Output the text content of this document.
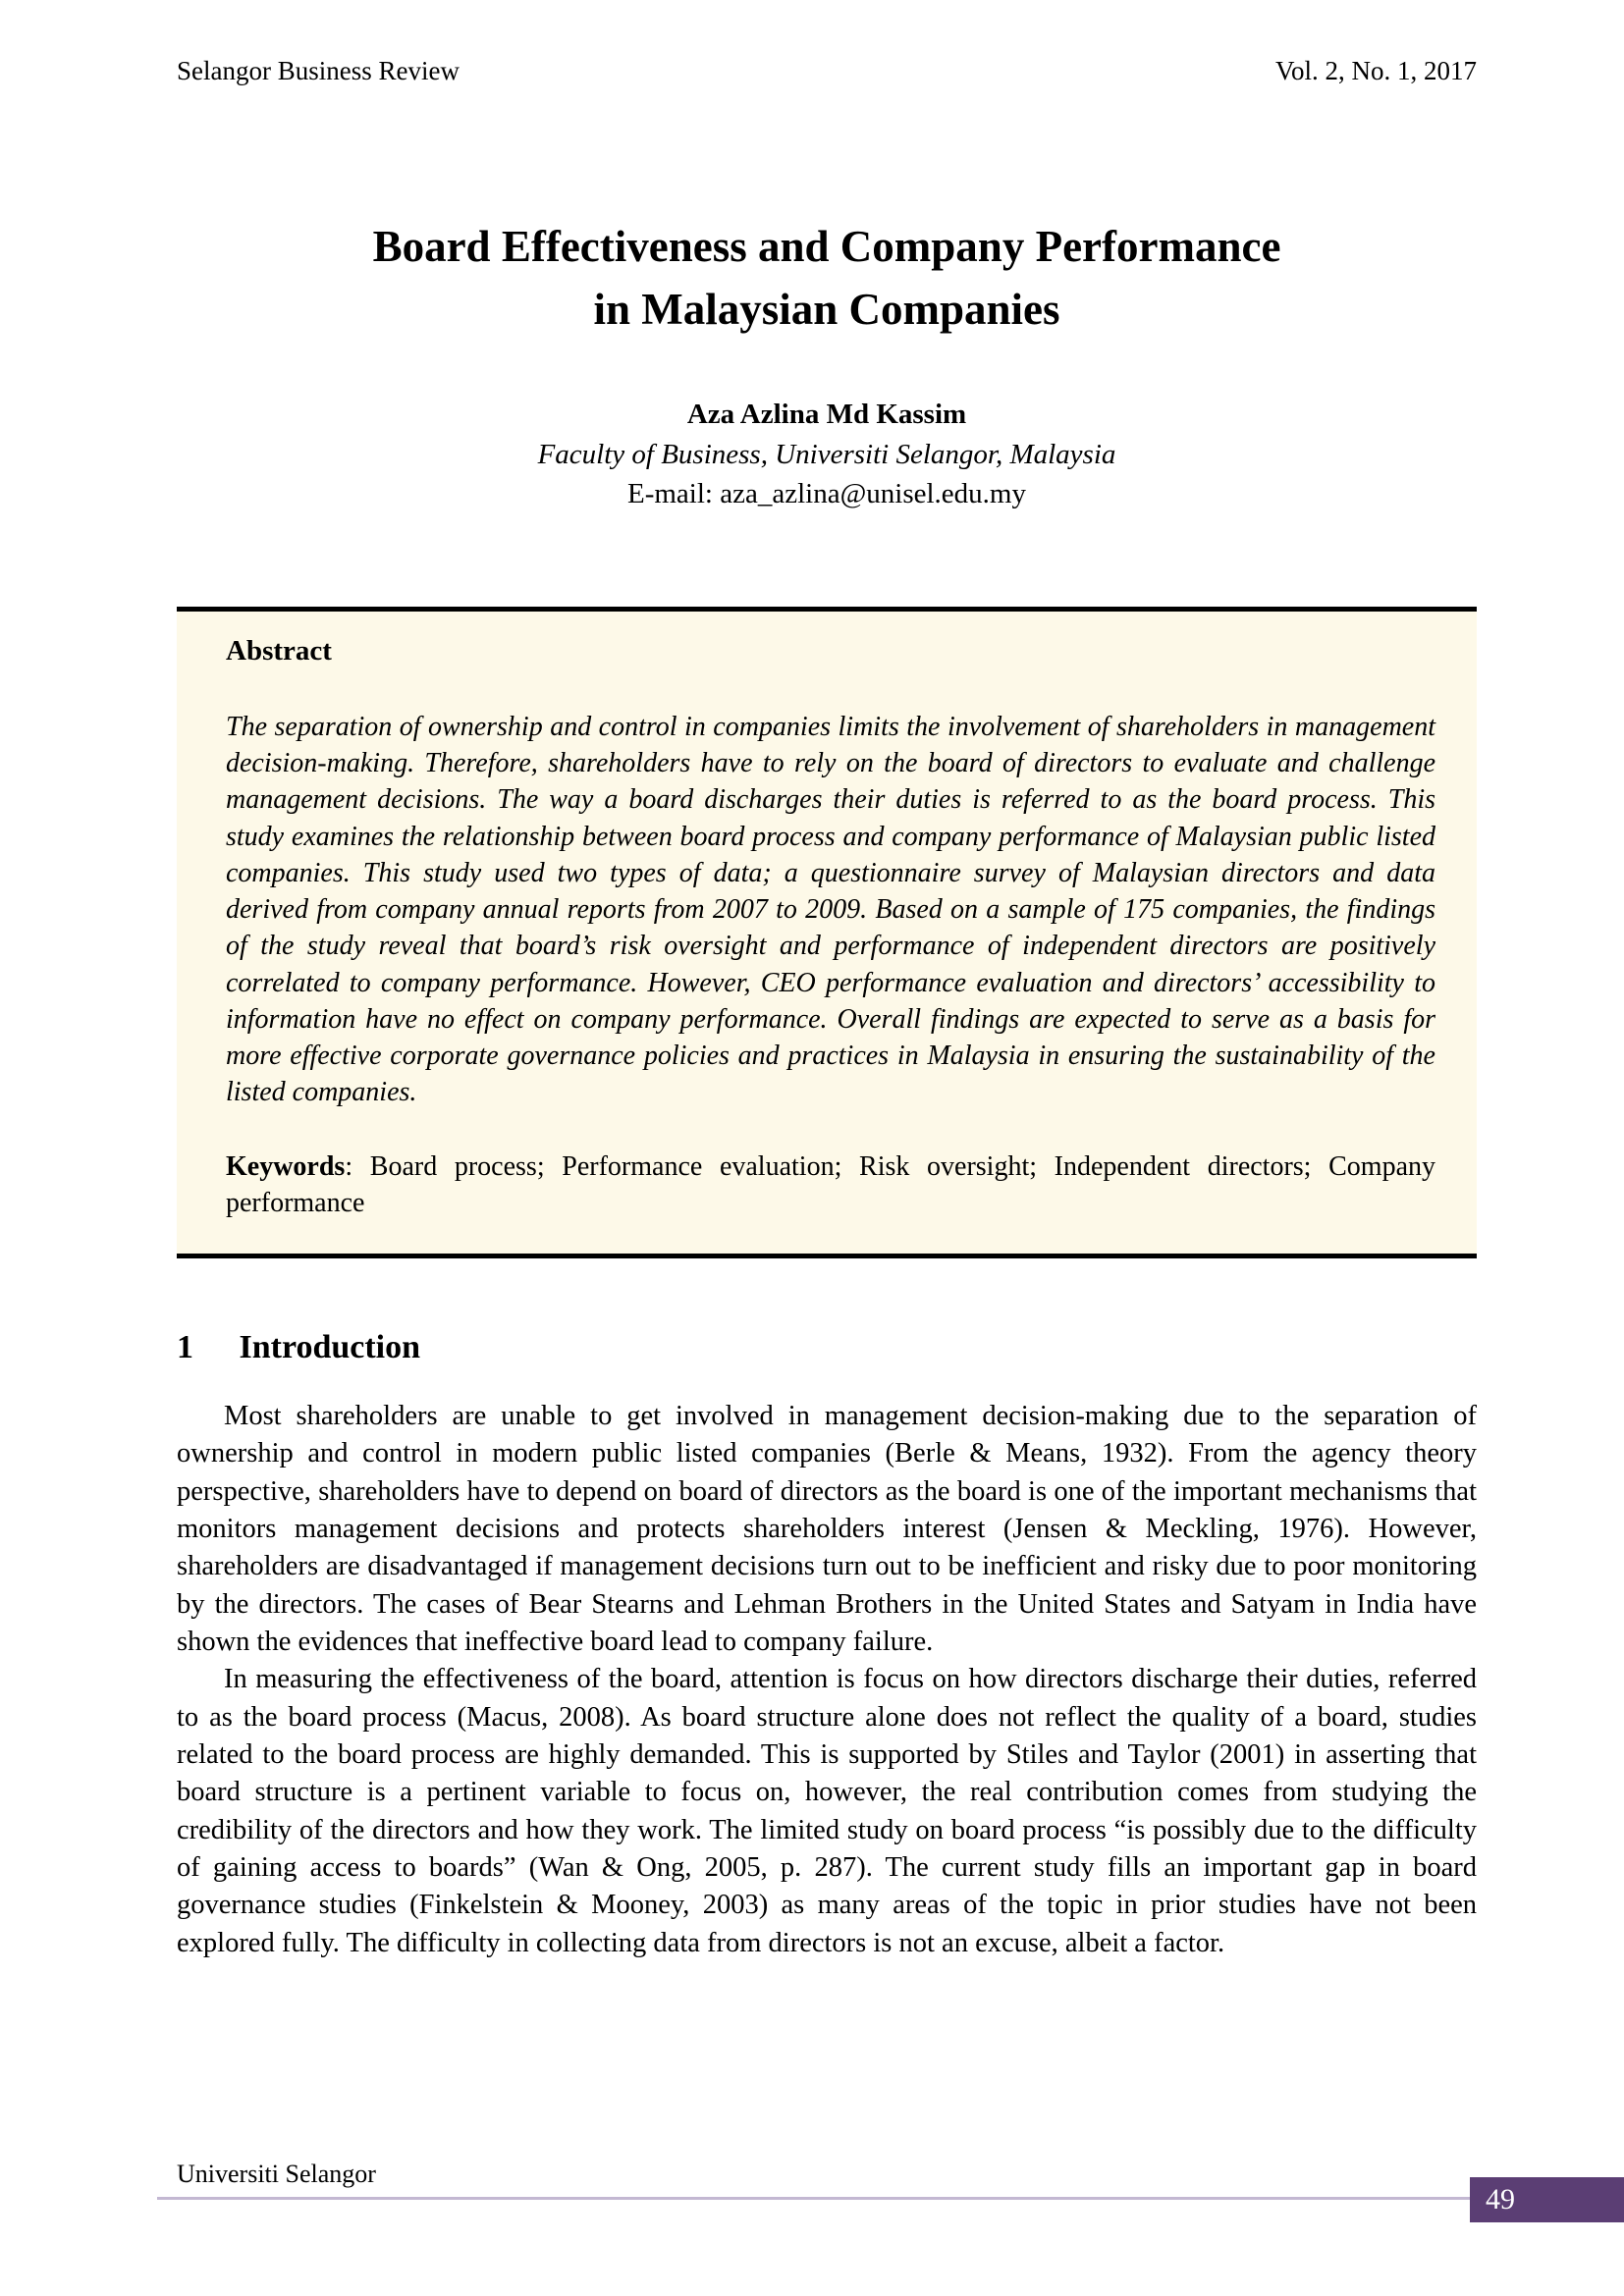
Selangor Business Review	Vol. 2, No. 1, 2017
Board Effectiveness and Company Performance
in Malaysian Companies
Aza Azlina Md Kassim
Faculty of Business, Universiti Selangor, Malaysia
E-mail: aza_azlina@unisel.edu.my
Abstract
The separation of ownership and control in companies limits the involvement of shareholders in management decision-making. Therefore, shareholders have to rely on the board of directors to evaluate and challenge management decisions. The way a board discharges their duties is referred to as the board process. This study examines the relationship between board process and company performance of Malaysian public listed companies. This study used two types of data; a questionnaire survey of Malaysian directors and data derived from company annual reports from 2007 to 2009. Based on a sample of 175 companies, the findings of the study reveal that board’s risk oversight and performance of independent directors are positively correlated to company performance. However, CEO performance evaluation and directors’ accessibility to information have no effect on company performance. Overall findings are expected to serve as a basis for more effective corporate governance policies and practices in Malaysia in ensuring the sustainability of the listed companies.
Keywords: Board process; Performance evaluation; Risk oversight; Independent directors; Company performance
1 Introduction

Most shareholders are unable to get involved in management decision-making due to the separation of ownership and control in modern public listed companies (Berle & Means, 1932). From the agency theory perspective, shareholders have to depend on board of directors as the board is one of the important mechanisms that monitors management decisions and protects shareholders interest (Jensen & Meckling, 1976). However, shareholders are disadvantaged if management decisions turn out to be inefficient and risky due to poor monitoring by the directors. The cases of Bear Stearns and Lehman Brothers in the United States and Satyam in India have shown the evidences that ineffective board lead to company failure.

In measuring the effectiveness of the board, attention is focus on how directors discharge their duties, referred to as the board process (Macus, 2008). As board structure alone does not reflect the quality of a board, studies related to the board process are highly demanded. This is supported by Stiles and Taylor (2001) in asserting that board structure is a pertinent variable to focus on, however, the real contribution comes from studying the credibility of the directors and how they work. The limited study on board process “is possibly due to the difficulty of gaining access to boards” (Wan & Ong, 2005, p. 287). The current study fills an important gap in board governance studies (Finkelstein & Mooney, 2003) as many areas of the topic in prior studies have not been explored fully. The difficulty in collecting data from directors is not an excuse, albeit a factor.

Universiti Selangor
49
